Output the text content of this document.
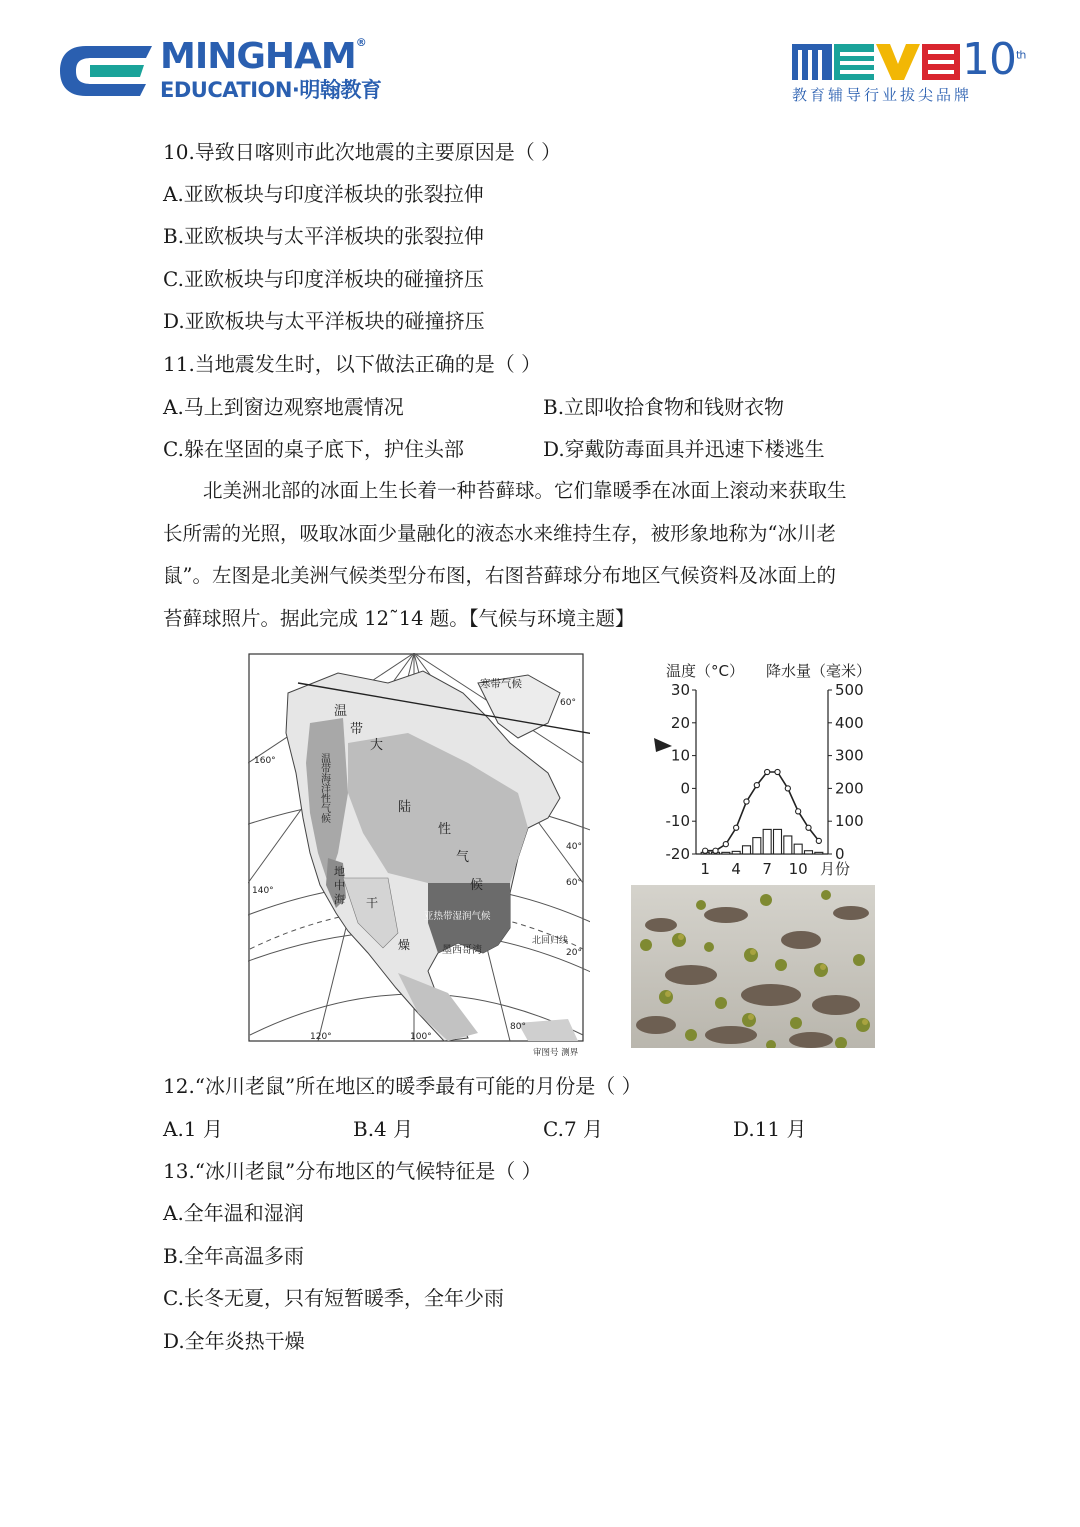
MINGHAM®
EDUCATION·明翰教育
10th
教育辅导行业拔尖品牌
10.导致日喀则市此次地震的主要原因是（ ）
A.亚欧板块与印度洋板块的张裂拉伸
B.亚欧板块与太平洋板块的张裂拉伸
C.亚欧板块与印度洋板块的碰撞挤压
D.亚欧板块与太平洋板块的碰撞挤压
11.当地震发生时，以下做法正确的是（ ）
A.马上到窗边观察地震情况	B.立即收拾食物和钱财衣物
C.躲在坚固的桌子底下，护住头部	D.穿戴防毒面具并迅速下楼逃生
北美洲北部的冰面上生长着一种苔藓球。它们靠暖季在冰面上滚动来获取生
长所需的光照，吸取冰面少量融化的液态水来维持生存，被形象地称为“冰川老
鼠”。左图是北美洲气候类型分布图，右图苔藓球分布地区气候资料及冰面上的
苔藓球照片。据此完成 12˜14 题。【气候与环境主题】
寒带气候
温
带
大
陆
性
气
候
地
中
海
亚热带湿润气候
墨西哥湾
干
燥	北回归线
审图号 测界
160°
140°
120°	100°
80°
60°
60°
40°
20°
温带海洋性气候
温度（°C） 降水量（毫米）
30
20
10
0
-10
-20
500
400
300
200
100
0
1 4 7 10 月份
12.“冰川老鼠”所在地区的暖季最有可能的月份是（ ）
A.1 月	B.4 月	C.7 月	D.11 月
13.“冰川老鼠”分布地区的气候特征是（ ）
A.全年温和湿润
B.全年高温多雨
C.长冬无夏，只有短暂暖季，全年少雨
D.全年炎热干燥
